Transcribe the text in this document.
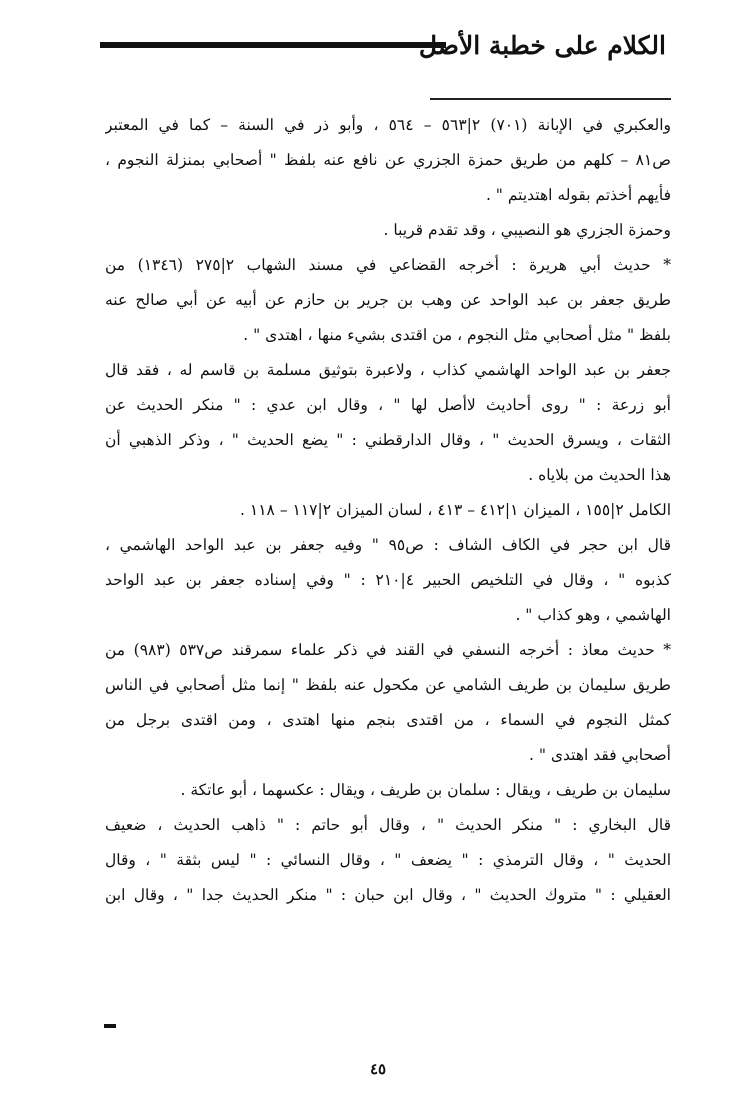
الكلام على خطبة الأصل
والعكبري في الإبانة (٧٠١) ٢|٥٦٣ – ٥٦٤ ، وأبو ذر في السنة – كما في المعتبر
ص٨١ – كلهم من طريق حمزة الجزري عن نافع عنه بلفظ " أصحابي بمنزلة النجوم ،
فأيهم أخذتم بقوله اهتديتم " .
وحمزة الجزري هو النصيبي ، وقد تقدم قريبا .
* حديث أبي هريرة : أخرجه القضاعي في مسند الشهاب ٢|٢٧٥ (١٣٤٦) من
طريق جعفر بن عبد الواحد عن وهب بن جرير بن حازم عن أبيه عن أبي صالح عنه
بلفظ " مثل أصحابي مثل النجوم ، من اقتدى بشيء منها ، اهتدى " .
جعفر بن عبد الواحد الهاشمي كذاب ، ولاعبرة بتوثيق مسلمة بن قاسم له ، فقد قال
أبو زرعة : " روى أحاديث لاأصل لها " ، وقال ابن عدي : " منكر الحديث عن
الثقات ، ويسرق الحديث " ، وقال الدارقطني : " يضع الحديث " ، وذكر الذهبي أن
هذا الحديث من بلاياه .
الكامل ٢|١٥٥ ، الميزان ١|٤١٢ – ٤١٣ ، لسان الميزان ٢|١١٧ – ١١٨ .
قال ابن حجر في الكاف الشاف : ص٩٥ " وفيه جعفر بن عبد الواحد الهاشمي ،
كذبوه " ، وقال في التلخيص الحبير ٤|٢١٠ : " وفي إسناده جعفر بن عبد الواحد
الهاشمي ، وهو كذاب " .
* حديث معاذ : أخرجه النسفي في القند في ذكر علماء سمرقند ص٥٣٧ (٩٨٣) من
طريق سليمان بن طريف الشامي عن مكحول عنه بلفظ " إنما مثل أصحابي في الناس
كمثل النجوم في السماء ، من اقتدى بنجم منها اهتدى ، ومن اقتدى برجل من
أصحابي فقد اهتدى " .
سليمان بن طريف ، ويقال : سلمان بن طريف ، ويقال : عكسهما ، أبو عاتكة .
قال البخاري : " منكر الحديث " ، وقال أبو حاتم : " ذاهب الحديث ، ضعيف
الحديث " ، وقال الترمذي : " يضعف " ، وقال النسائي : " ليس بثقة " ، وقال
العقيلي : " متروك الحديث " ، وقال ابن حبان : " منكر الحديث جدا " ، وقال ابن
٤٥
